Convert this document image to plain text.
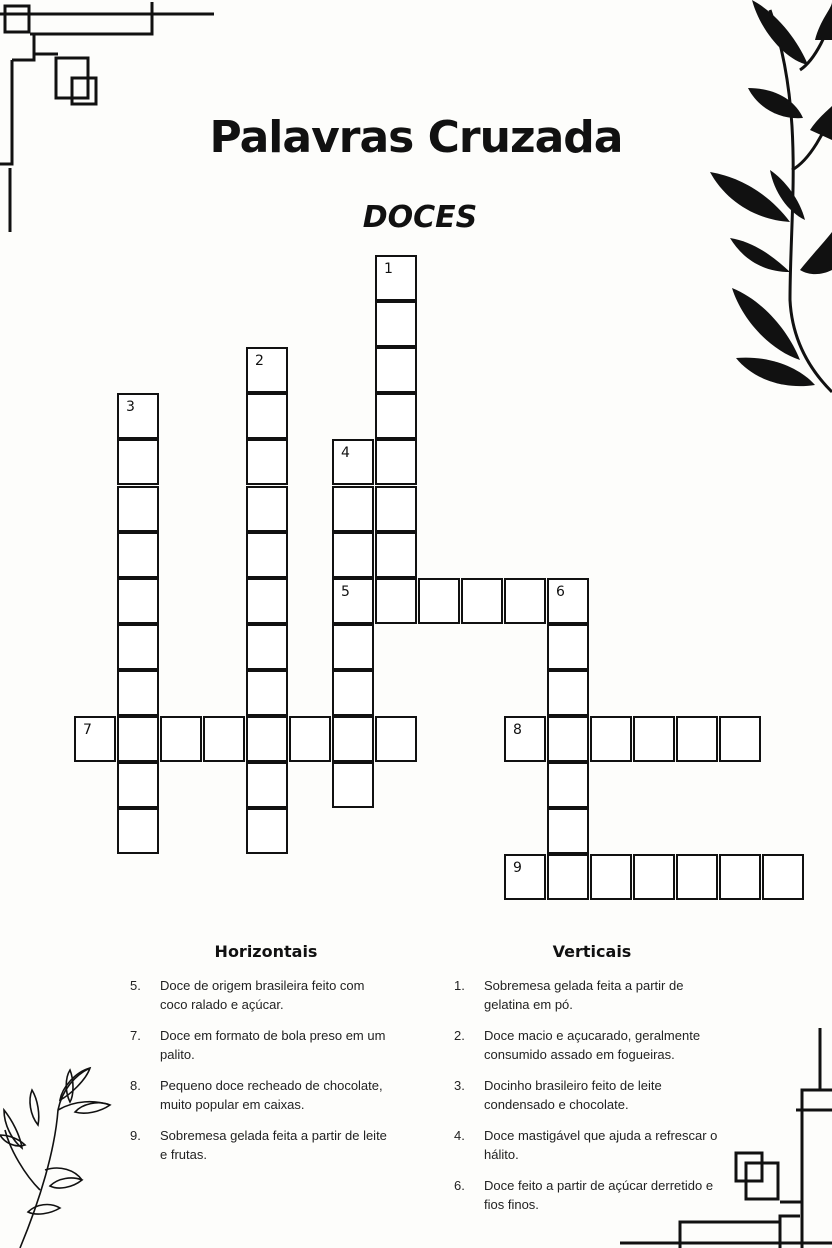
Palavras Cruzada
DOCES
1
2
3
4
5	6
7	8
9
Horizontais
5. Doce de origem brasileira feito com coco ralado e açúcar.
7. Doce em formato de bola preso em um palito.
8. Pequeno doce recheado de chocolate, muito popular em caixas.
9. Sobremesa gelada feita a partir de leite e frutas.
Verticais
1. Sobremesa gelada feita a partir de gelatina em pó.
2. Doce macio e açucarado, geralmente consumido assado em fogueiras.
3. Docinho brasileiro feito de leite condensado e chocolate.
4. Doce mastigável que ajuda a refrescar o hálito.
6. Doce feito a partir de açúcar derretido e fios finos.
